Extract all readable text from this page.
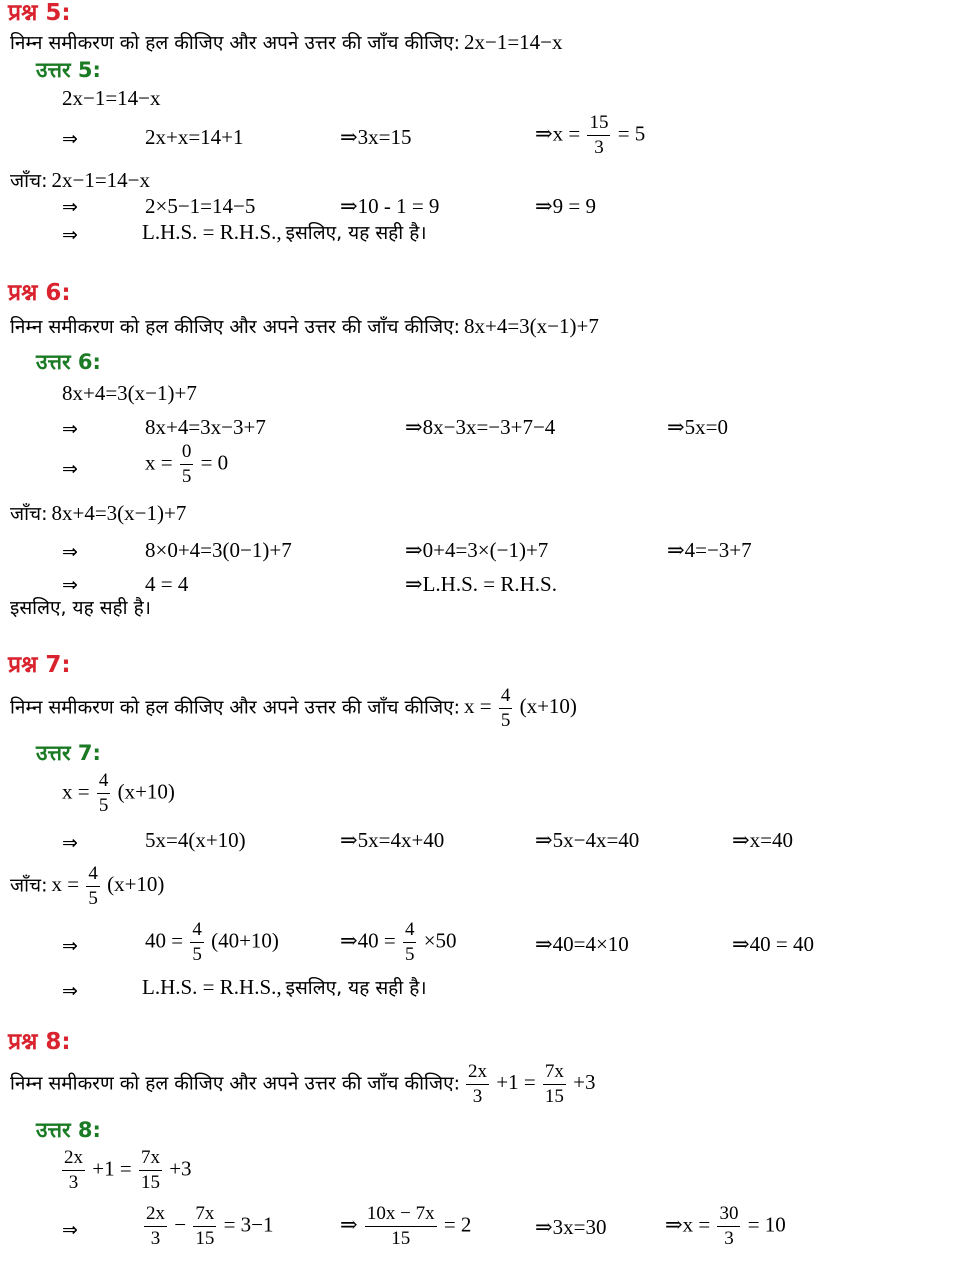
प्रश्न 5:
निम्न समीकरण को हल कीजिए और अपने उत्तर की जाँच कीजिए: 2x−1=14−x
उत्तर 5:
2x−1=14−x
⇒	2x+x=14+1	⇒3x=15	⇒x = $\frac{15}{3} = 5$
जाँच: 2x−1=14−x
⇒	2×5−1=14−5	⇒10 - 1 = 9	⇒9 = 9
⇒	L.H.S. = R.H.S., इसलिए, यह सही है।
प्रश्न 6:
निम्न समीकरण को हल कीजिए और अपने उत्तर की जाँच कीजिए: 8x+4=3(x−1)+7
उत्तर 6:
8x+4=3(x−1)+7
⇒	8x+4=3x−3+7	⇒8x−3x=−3+7−4	⇒5x=0
⇒	$x = \frac{0}{5} = 0$
जाँच: 8x+4=3(x−1)+7
⇒	8×0+4=3(0−1)+7	⇒0+4=3×(−1)+7	⇒4=−3+7
⇒	4 = 4	⇒L.H.S. = R.H.S.
इसलिए, यह सही है।
प्रश्न 7:
निम्न समीकरण को हल कीजिए और अपने उत्तर की जाँच कीजिए: $x = \frac{4}{5} (x+10)$
उत्तर 7:
$x = \frac{4}{5} (x+10)$
⇒	5x=4(x+10)	⇒5x=4x+40	⇒5x−4x=40	⇒x=40
जाँच: $x = \frac{4}{5} (x+10)$
⇒	$40 = \frac{4}{5} (40+10)$	⇒40 = $\frac{4}{5} \times 50$	⇒40=4×10	⇒40 = 40
⇒	L.H.S. = R.H.S., इसलिए, यह सही है।
प्रश्न 8:
निम्न समीकरण को हल कीजिए और अपने उत्तर की जाँच कीजिए: $\frac{2x}{3} +1 = \frac{7x}{15} +3$
उत्तर 8:
$\frac{2x}{3} +1 = \frac{7x}{15} +3$
⇒	$\frac{2x}{3} - \frac{7x}{15} = 3-1$	⇒ $\frac{10x - 7x}{15} = 2$	⇒3x=30	⇒x = $\frac{30}{3} = 10$
